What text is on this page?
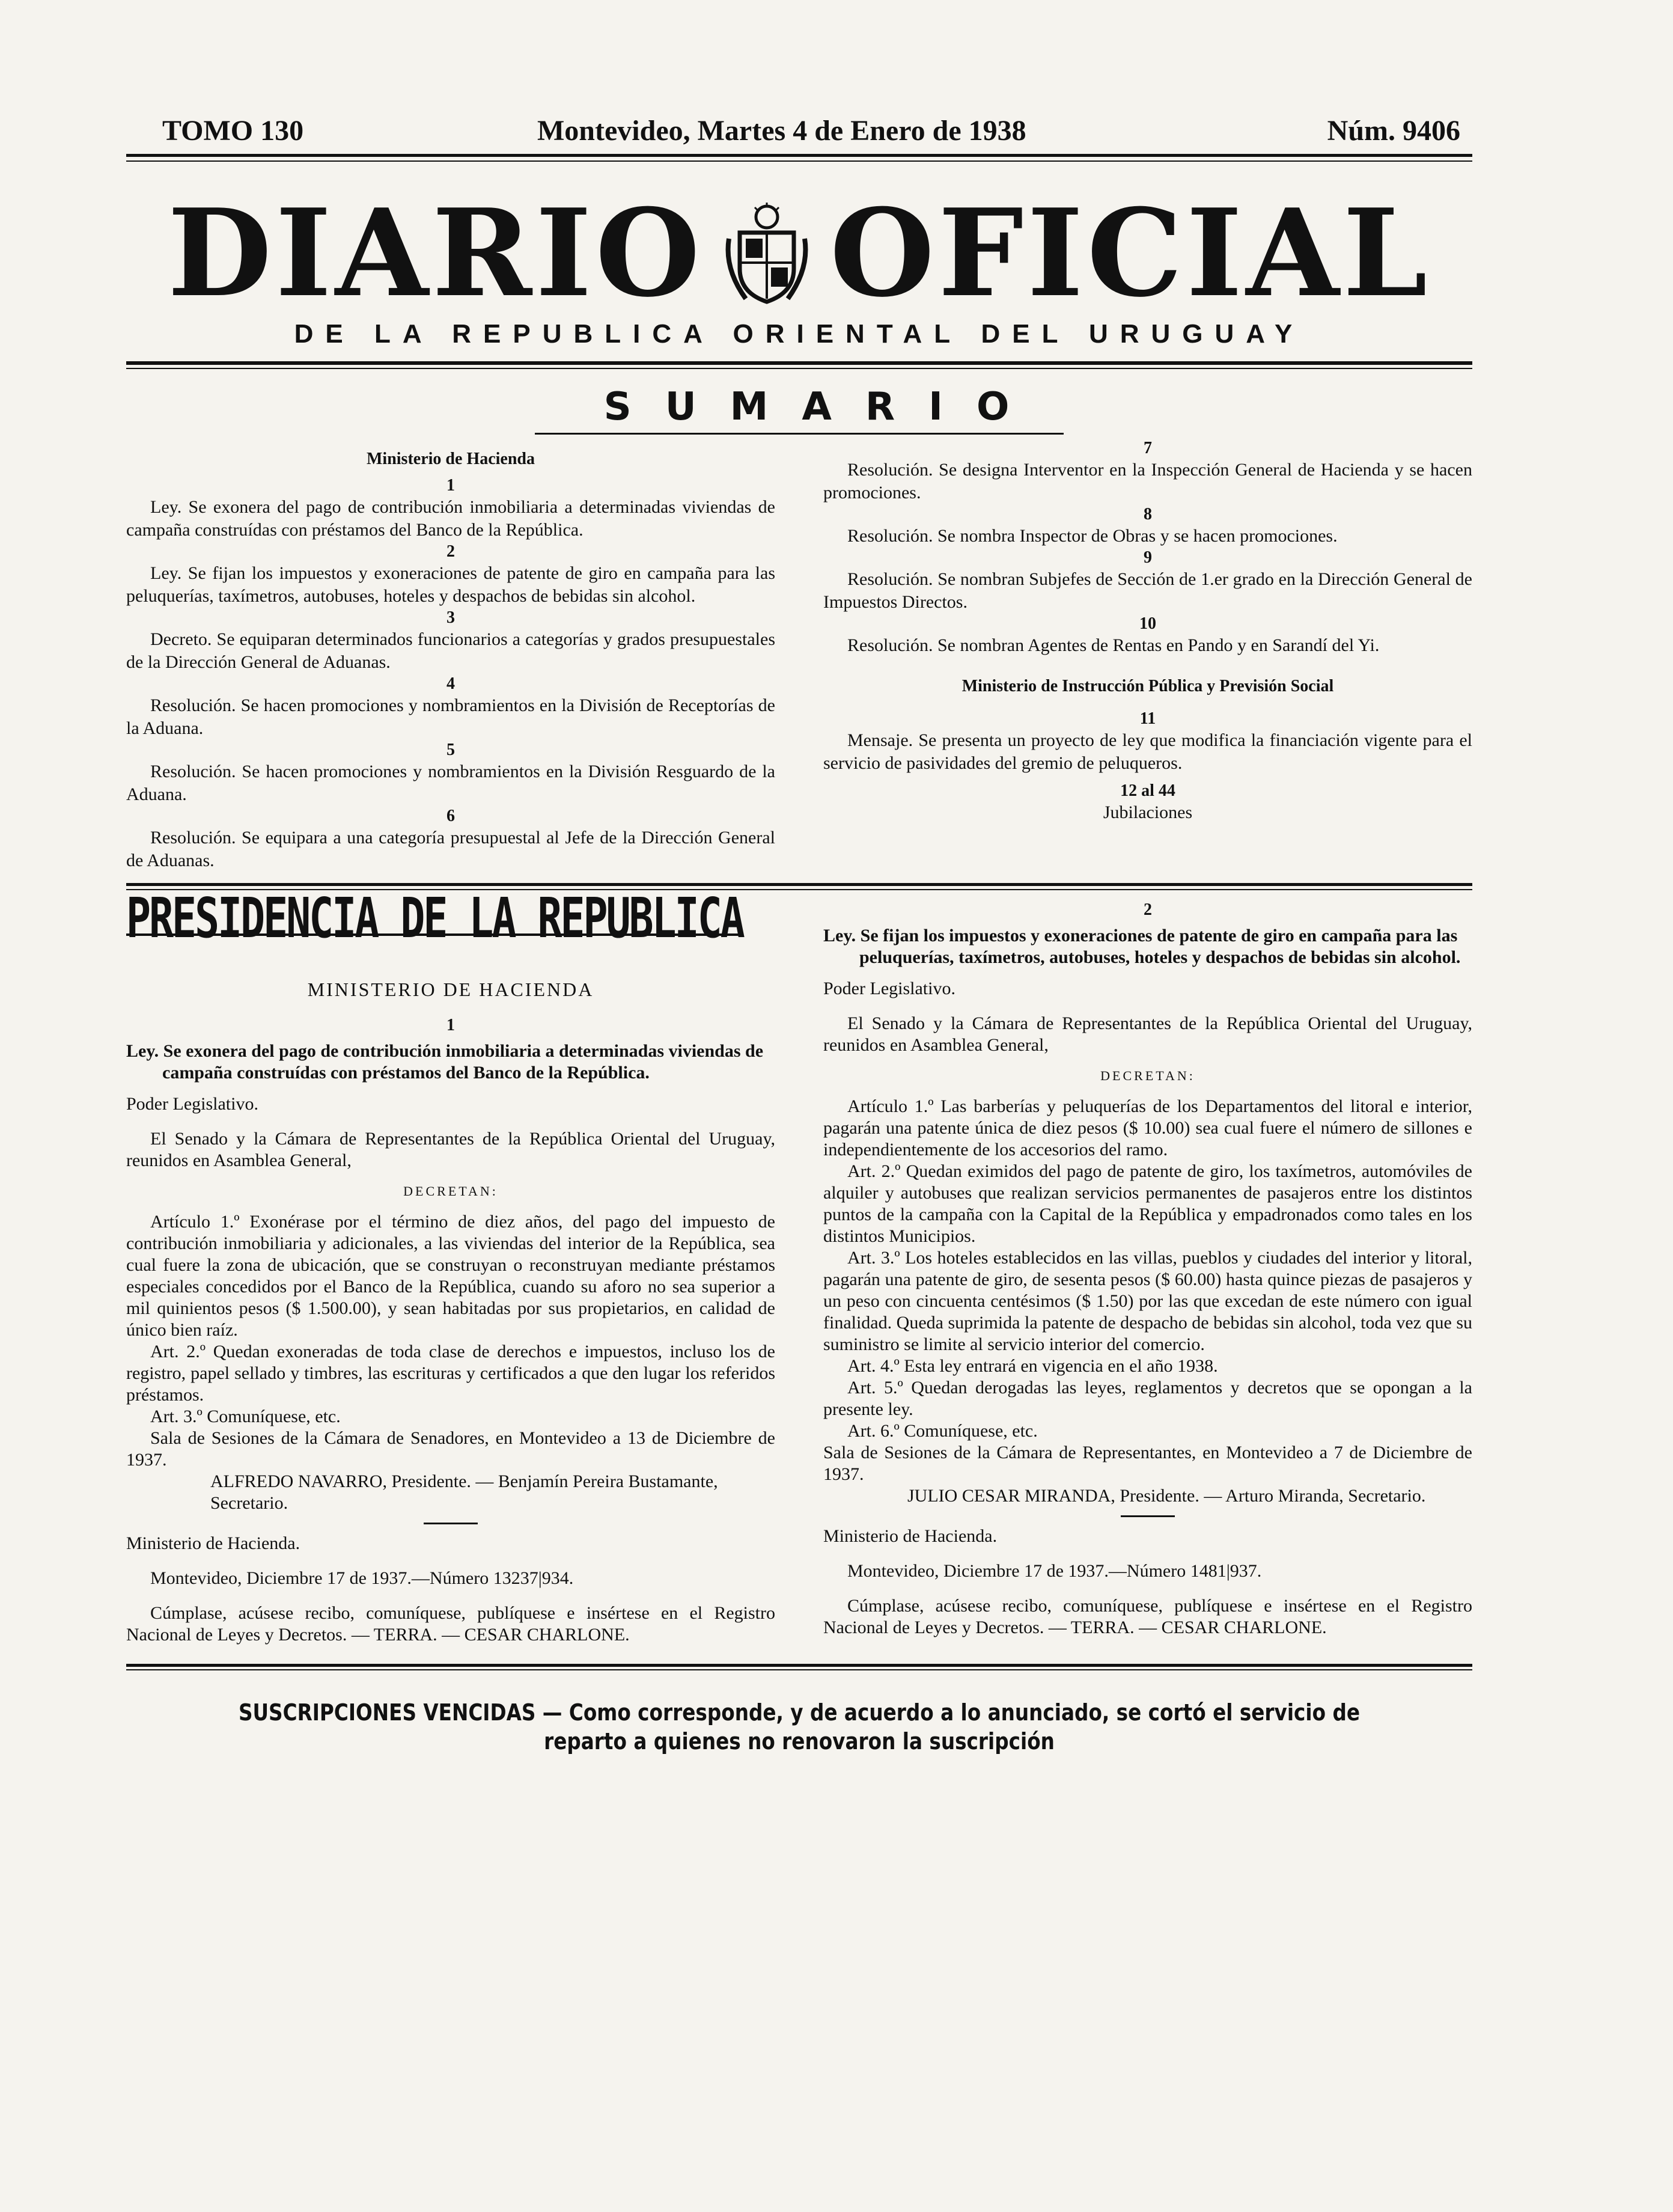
TOMO 130	Montevideo, Martes 4 de Enero de 1938	Núm. 9406
DIARIO OFICIAL
DE LA REPUBLICA ORIENTAL DEL URUGUAY
SUMARIO
Ministerio de Hacienda
1

Ley. Se exonera del pago de contribución inmobiliaria a determinadas viviendas de campaña construídas con préstamos del Banco de la República.

2

Ley. Se fijan los impuestos y exoneraciones de patente de giro en campaña para las peluquerías, taxímetros, autobuses, hoteles y despachos de bebidas sin alcohol.

3

Decreto. Se equiparan determinados funcionarios a categorías y grados presupuestales de la Dirección General de Aduanas.

4

Resolución. Se hacen promociones y nombramientos en la División de Receptorías de la Aduana.

5

Resolución. Se hacen promociones y nombramientos en la División Resguardo de la Aduana.

6

Resolución. Se equipara a una categoría presupuestal al Jefe de la Dirección General de Aduanas.

7

Resolución. Se designa Interventor en la Inspección General de Hacienda y se hacen promociones.

8

Resolución. Se nombra Inspector de Obras y se hacen promociones.

9

Resolución. Se nombran Subjefes de Sección de 1.er grado en la Dirección General de Impuestos Directos.

10

Resolución. Se nombran Agentes de Rentas en Pando y en Sarandí del Yi.

Ministerio de Instrucción Pública y Previsión Social
11

Mensaje. Se presenta un proyecto de ley que modifica la financiación vigente para el servicio de pasividades del gremio de peluqueros.

12 al 44
Jubilaciones
PRESIDENCIA DE LA REPUBLICA
MINISTERIO DE HACIENDA
1
Ley. Se exonera del pago de contribución inmobiliaria a determinadas viviendas de campaña construídas con préstamos del Banco de la República.

Poder Legislativo.

El Senado y la Cámara de Representantes de la República Oriental del Uruguay, reunidos en Asamblea General,

DECRETAN:

Artículo 1.º Exonérase por el término de diez años, del pago del impuesto de contribución inmobiliaria y adicionales, a las viviendas del interior de la República, sea cual fuere la zona de ubicación, que se construyan o reconstruyan mediante préstamos especiales concedidos por el Banco de la República, cuando su aforo no sea superior a mil quinientos pesos ($ 1.500.00), y sean habitadas por sus propietarios, en calidad de único bien raíz.

Art. 2.º Quedan exoneradas de toda clase de derechos e impuestos, incluso los de registro, papel sellado y timbres, las escrituras y certificados a que den lugar los referidos préstamos.

Art. 3.º Comuníquese, etc.

Sala de Sesiones de la Cámara de Senadores, en Montevideo a 13 de Diciembre de 1937.

ALFREDO NAVARRO, Presidente. — Benjamín Pereira Bustamante, Secretario.

Ministerio de Hacienda.

Montevideo, Diciembre 17 de 1937.—Número 13237|934.

Cúmplase, acúsese recibo, comuníquese, publíquese e insértese en el Registro Nacional de Leyes y Decretos. — TERRA. — CESAR CHARLONE.

2
Ley. Se fijan los impuestos y exoneraciones de patente de giro en campaña para las peluquerías, taxímetros, autobuses, hoteles y despachos de bebidas sin alcohol.

Poder Legislativo.

El Senado y la Cámara de Representantes de la República Oriental del Uruguay, reunidos en Asamblea General,

DECRETAN:

Artículo 1.º Las barberías y peluquerías de los Departamentos del litoral e interior, pagarán una patente única de diez pesos ($ 10.00) sea cual fuere el número de sillones e independientemente de los accesorios del ramo.

Art. 2.º Quedan eximidos del pago de patente de giro, los taxímetros, automóviles de alquiler y autobuses que realizan servicios permanentes de pasajeros entre los distintos puntos de la campaña con la Capital de la República y empadronados como tales en los distintos Municipios.

Art. 3.º Los hoteles establecidos en las villas, pueblos y ciudades del interior y litoral, pagarán una patente de giro, de sesenta pesos ($ 60.00) hasta quince piezas de pasajeros y un peso con cincuenta centésimos ($ 1.50) por las que excedan de este número con igual finalidad. Queda suprimida la patente de despacho de bebidas sin alcohol, toda vez que su suministro se limite al servicio interior del comercio.

Art. 4.º Esta ley entrará en vigencia en el año 1938.

Art. 5.º Quedan derogadas las leyes, reglamentos y decretos que se opongan a la presente ley.

Art. 6.º Comuníquese, etc.

Sala de Sesiones de la Cámara de Representantes, en Montevideo a 7 de Diciembre de 1937.

JULIO CESAR MIRANDA, Presidente. — Arturo Miranda, Secretario.

Ministerio de Hacienda.

Montevideo, Diciembre 17 de 1937.—Número 1481|937.

Cúmplase, acúsese recibo, comuníquese, publíquese e insértese en el Registro Nacional de Leyes y Decretos. — TERRA. — CESAR CHARLONE.

SUSCRIPCIONES VENCIDAS — Como corresponde, y de acuerdo a lo anunciado, se cortó el servicio de
reparto a quienes no renovaron la suscripción
